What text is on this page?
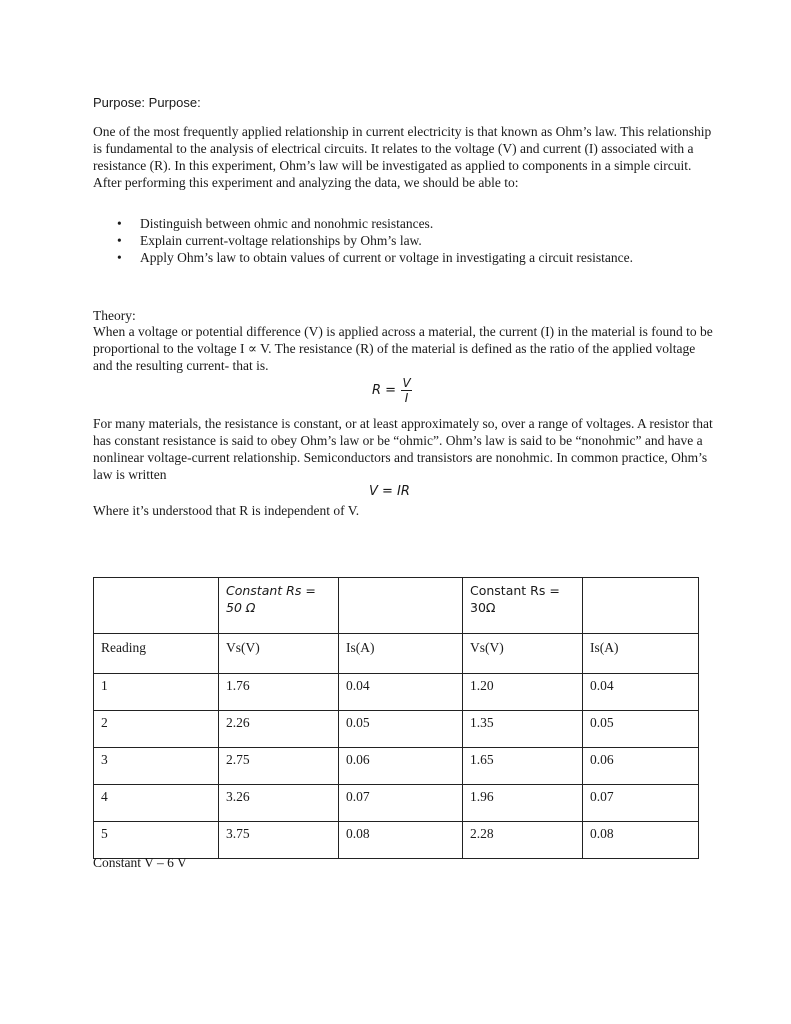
Purpose: Purpose:
One of the most frequently applied relationship in current electricity is that known as Ohm’s law. This relationship is fundamental to the analysis of electrical circuits. It relates to the voltage (V) and current (I) associated with a resistance (R). In this experiment, Ohm’s law will be investigated as applied to components in a simple circuit. After performing this experiment and analyzing the data, we should be able to:
• Distinguish between ohmic and nonohmic resistances.
• Explain current-voltage relationships by Ohm’s law.
• Apply Ohm’s law to obtain values of current or voltage in investigating a circuit resistance.
Theory:
When a voltage or potential difference (V) is applied across a material, the current (I) in the material is found to be proportional to the voltage I ∝ V. The resistance (R) of the material is defined as the ratio of the applied voltage and the resulting current- that is.
R = V
I
For many materials, the resistance is constant, or at least approximately so, over a range of voltages. A resistor that has constant resistance is said to obey Ohm’s law or be “ohmic”. Ohm’s law is said to be “nonohmic” and have a nonlinear voltage-current relationship. Semiconductors and transistors are nonohmic. In common practice, Ohm’s law is written
V = IR
Where it’s understood that R is independent of V.
	Constant Rs = 50 Ω		Constant Rs = 30Ω	
Reading	Vs(V)	Is(A)	Vs(V)	Is(A)
1	1.76	0.04	1.20	0.04
2	2.26	0.05	1.35	0.05
3	2.75	0.06	1.65	0.06
4	3.26	0.07	1.96	0.07
5	3.75	0.08	2.28	0.08
Constant V – 6 V
